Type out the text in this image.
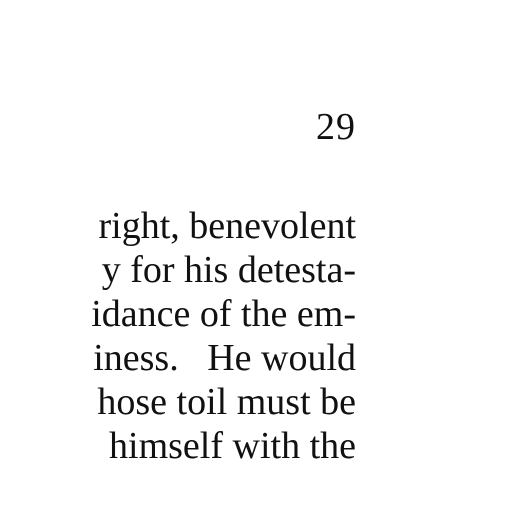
29
right, benevolent
y for his detesta-
idance of the em-
iness.   He would
hose toil must be
himself with the
